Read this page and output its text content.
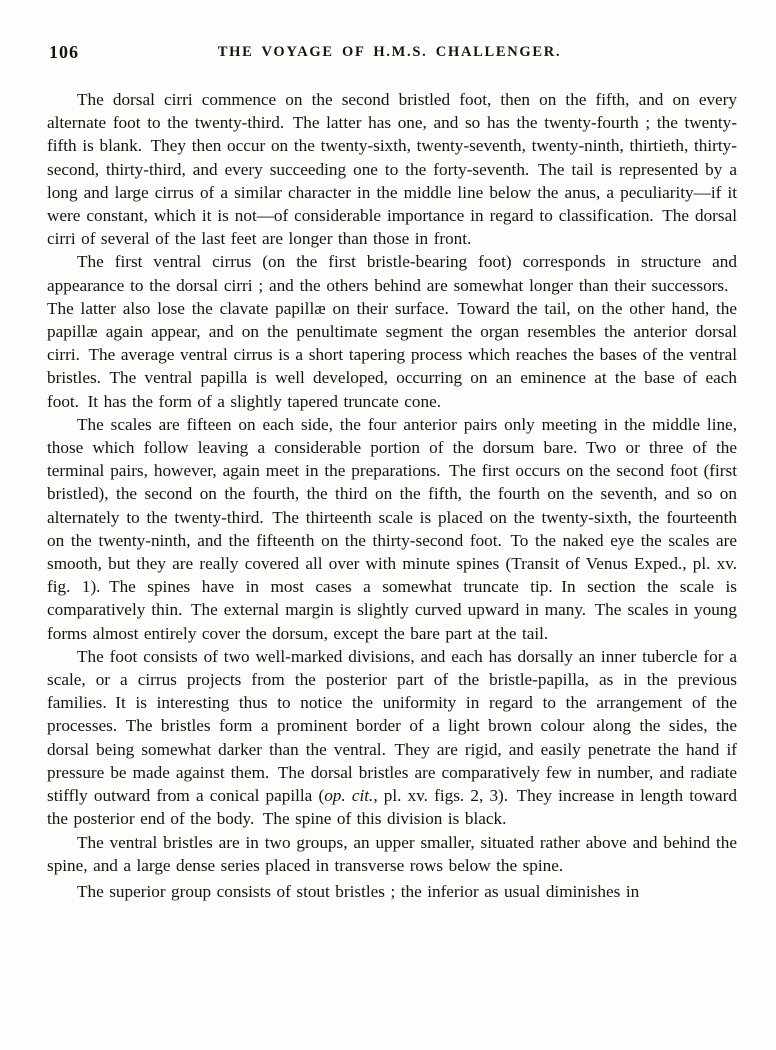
106	THE VOYAGE OF H.M.S. CHALLENGER.

The dorsal cirri commence on the second bristled foot, then on the fifth, and on every alternate foot to the twenty-third. The latter has one, and so has the twenty-fourth ; the twenty-fifth is blank. They then occur on the twenty-sixth, twenty-seventh, twenty-ninth, thirtieth, thirty-second, thirty-third, and every succeeding one to the forty-seventh. The tail is represented by a long and large cirrus of a similar character in the middle line below the anus, a peculiarity—if it were constant, which it is not—of considerable importance in regard to classification. The dorsal cirri of several of the last feet are longer than those in front.

The first ventral cirrus (on the first bristle-bearing foot) corresponds in structure and appearance to the dorsal cirri ; and the others behind are somewhat longer than their successors. The latter also lose the clavate papillæ on their surface. Toward the tail, on the other hand, the papillæ again appear, and on the penultimate segment the organ resembles the anterior dorsal cirri. The average ventral cirrus is a short tapering process which reaches the bases of the ventral bristles. The ventral papilla is well developed, occurring on an eminence at the base of each foot. It has the form of a slightly tapered truncate cone.

The scales are fifteen on each side, the four anterior pairs only meeting in the middle line, those which follow leaving a considerable portion of the dorsum bare. Two or three of the terminal pairs, however, again meet in the preparations. The first occurs on the second foot (first bristled), the second on the fourth, the third on the fifth, the fourth on the seventh, and so on alternately to the twenty-third. The thirteenth scale is placed on the twenty-sixth, the fourteenth on the twenty-ninth, and the fifteenth on the thirty-second foot. To the naked eye the scales are smooth, but they are really covered all over with minute spines (Transit of Venus Exped., pl. xv. fig. 1). The spines have in most cases a somewhat truncate tip. In section the scale is comparatively thin. The external margin is slightly curved upward in many. The scales in young forms almost entirely cover the dorsum, except the bare part at the tail.

The foot consists of two well-marked divisions, and each has dorsally an inner tubercle for a scale, or a cirrus projects from the posterior part of the bristle-papilla, as in the previous families. It is interesting thus to notice the uniformity in regard to the arrangement of the processes. The bristles form a prominent border of a light brown colour along the sides, the dorsal being somewhat darker than the ventral. They are rigid, and easily penetrate the hand if pressure be made against them. The dorsal bristles are comparatively few in number, and radiate stiffly outward from a conical papilla (op. cit., pl. xv. figs. 2, 3). They increase in length toward the posterior end of the body. The spine of this division is black.

The ventral bristles are in two groups, an upper smaller, situated rather above and behind the spine, and a large dense series placed in transverse rows below the spine.

The superior group consists of stout bristles ; the inferior as usual diminishes in
